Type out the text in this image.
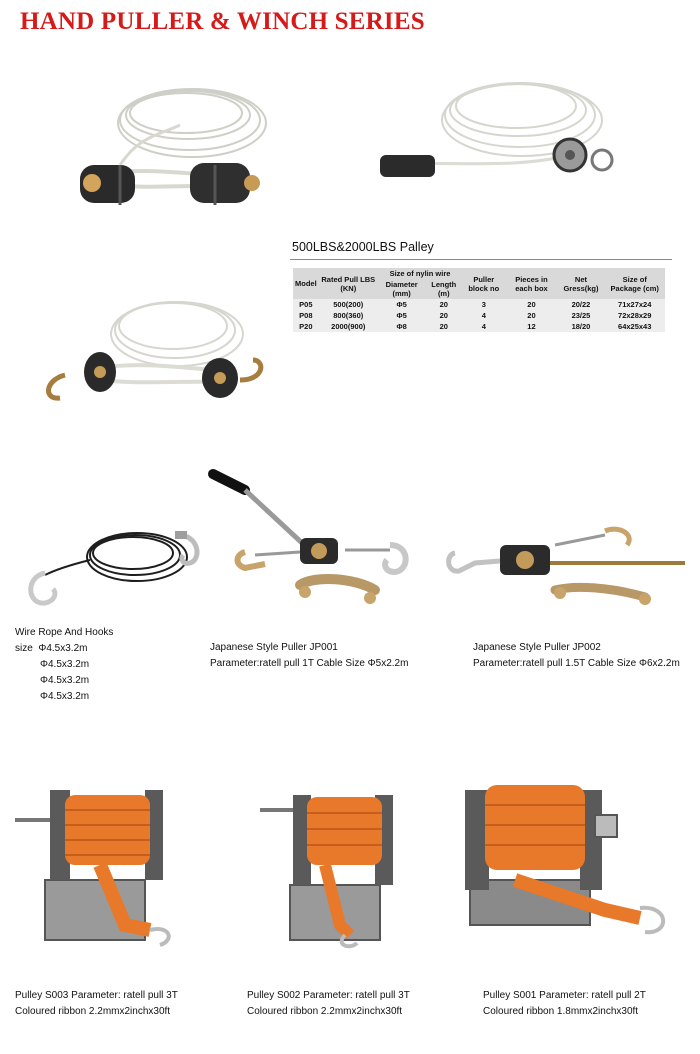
HAND PULLER & WINCH SERIES
500LBS&2000LBS Palley
Model	Rated Pull LBS (KN)	Size of nylin wire		Puller block no	Pieces in each box	Net Gress(kg)	Size of Package (cm)
		Diameter (mm)	Length (m)				
P05	500(200)	Φ5	20	3	20	20/22	71x27x24
P08	800(360)	Φ5	20	4	20	23/25	72x28x29
P20	2000(900)	Φ8	20	4	12	18/20	64x25x43
Wire Rope And Hooks
size Φ4.5x3.2m
Φ4.5x3.2m
Φ4.5x3.2m
Φ4.5x3.2m
Japanese Style Puller JP001
Parameter:ratell pull 1T Cable Size Φ5x2.2m
Japanese Style Puller JP002
Parameter:ratell pull 1.5T Cable Size Φ6x2.2m
Pulley S003 Parameter: ratell pull 3T
Coloured ribbon 2.2mmx2inchx30ft
Pulley S002 Parameter: ratell pull 3T
Coloured ribbon 2.2mmx2inchx30ft
Pulley S001 Parameter: ratell pull 2T
Coloured ribbon 1.8mmx2inchx30ft
